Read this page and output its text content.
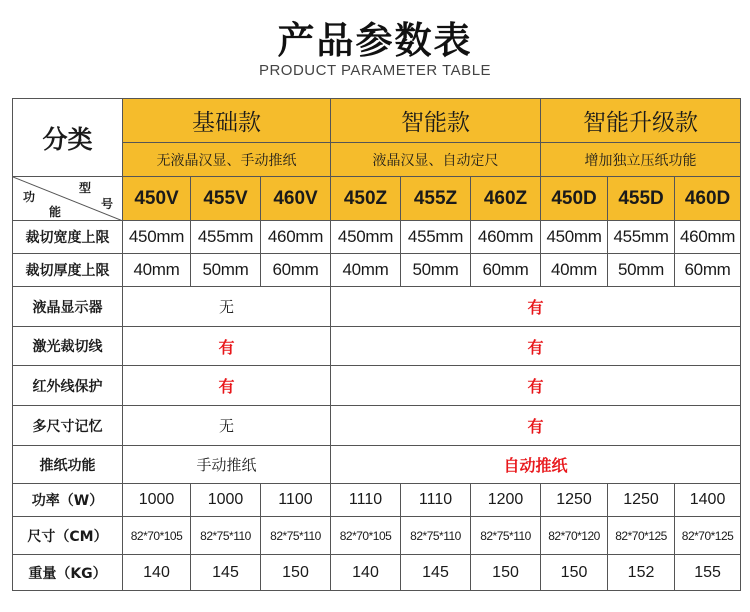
产品参数表
PRODUCT PARAMETER TABLE
分类	基础款			智能款			智能升级款		
	无液晶汉显、手动推纸			液晶汉显、自动定尺			增加独立压纸功能		

型
号
功
能	450V	455V	460V	450Z	455Z	460Z	450D	455D	460D
裁切宽度上限	450mm	455mm	460mm	450mm	455mm	460mm	450mm	455mm	460mm
裁切厚度上限	40mm	50mm	60mm	40mm	50mm	60mm	40mm	50mm	60mm
液晶显示器	无			有					
激光裁切线	有			有					
红外线保护	有			有					
多尺寸记忆	无			有					
推纸功能	手动推纸			自动推纸					
功率（W）	1000	1000	1100	1110	1110	1200	1250	1250	1400
尺寸（CM）	82*70*105	82*75*110	82*75*110	82*70*105	82*75*110	82*75*110	82*70*120	82*70*125	82*70*125
重量（KG）	140	145	150	140	145	150	150	152	155
